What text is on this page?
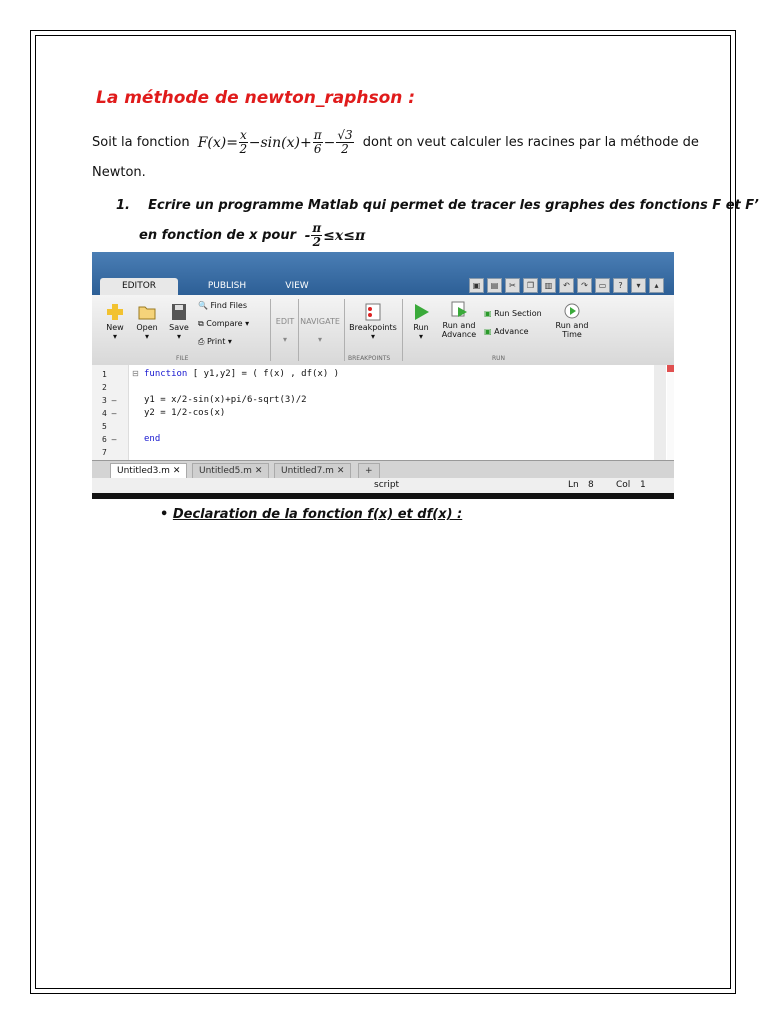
La méthode de newton_raphson :
Soit la fonction $F(x)= \frac{x}{2} -\sin(x)+ \frac{\pi}{6} - \frac{√3}{2}$ dont on veut calculer les racines par la méthode de
Newton.
1. Ecrire un programme Matlab qui permet de tracer les graphes des fonctions F et F’
en fonction de x pour - $\frac{\pi}{2} \le x\le\pi$
EDITOR	PUBLISH	VIEW	▣	▤	✂	❐	▥	↶	↷	▭	?	▾	▴
New
▾
Open
▾
Save
▾
🔍 Find Files
⧉ Compare ▾
⎙ Print ▾
FILE
EDIT

▾
NAVIGATE

▾
Breakpoints
▾
BREAKPOINTS
Run
▾
Run and
Advance
▣ Run Section
▣ Advance
Run and
Time
RUN
1
2
3 –
4 –
5
6 –
7
⊟ function [ y1,y2] = ( f(x) , df(x) )
y1 = x/2-sin(x)+pi/6-sqrt(3)/2
y2 = 1/2-cos(x)
end
Untitled3.m ✕	Untitled5.m ✕	Untitled7.m ✕	+
script	Ln 8 Col 1
• Declaration de la fonction f(x) et df(x) :
